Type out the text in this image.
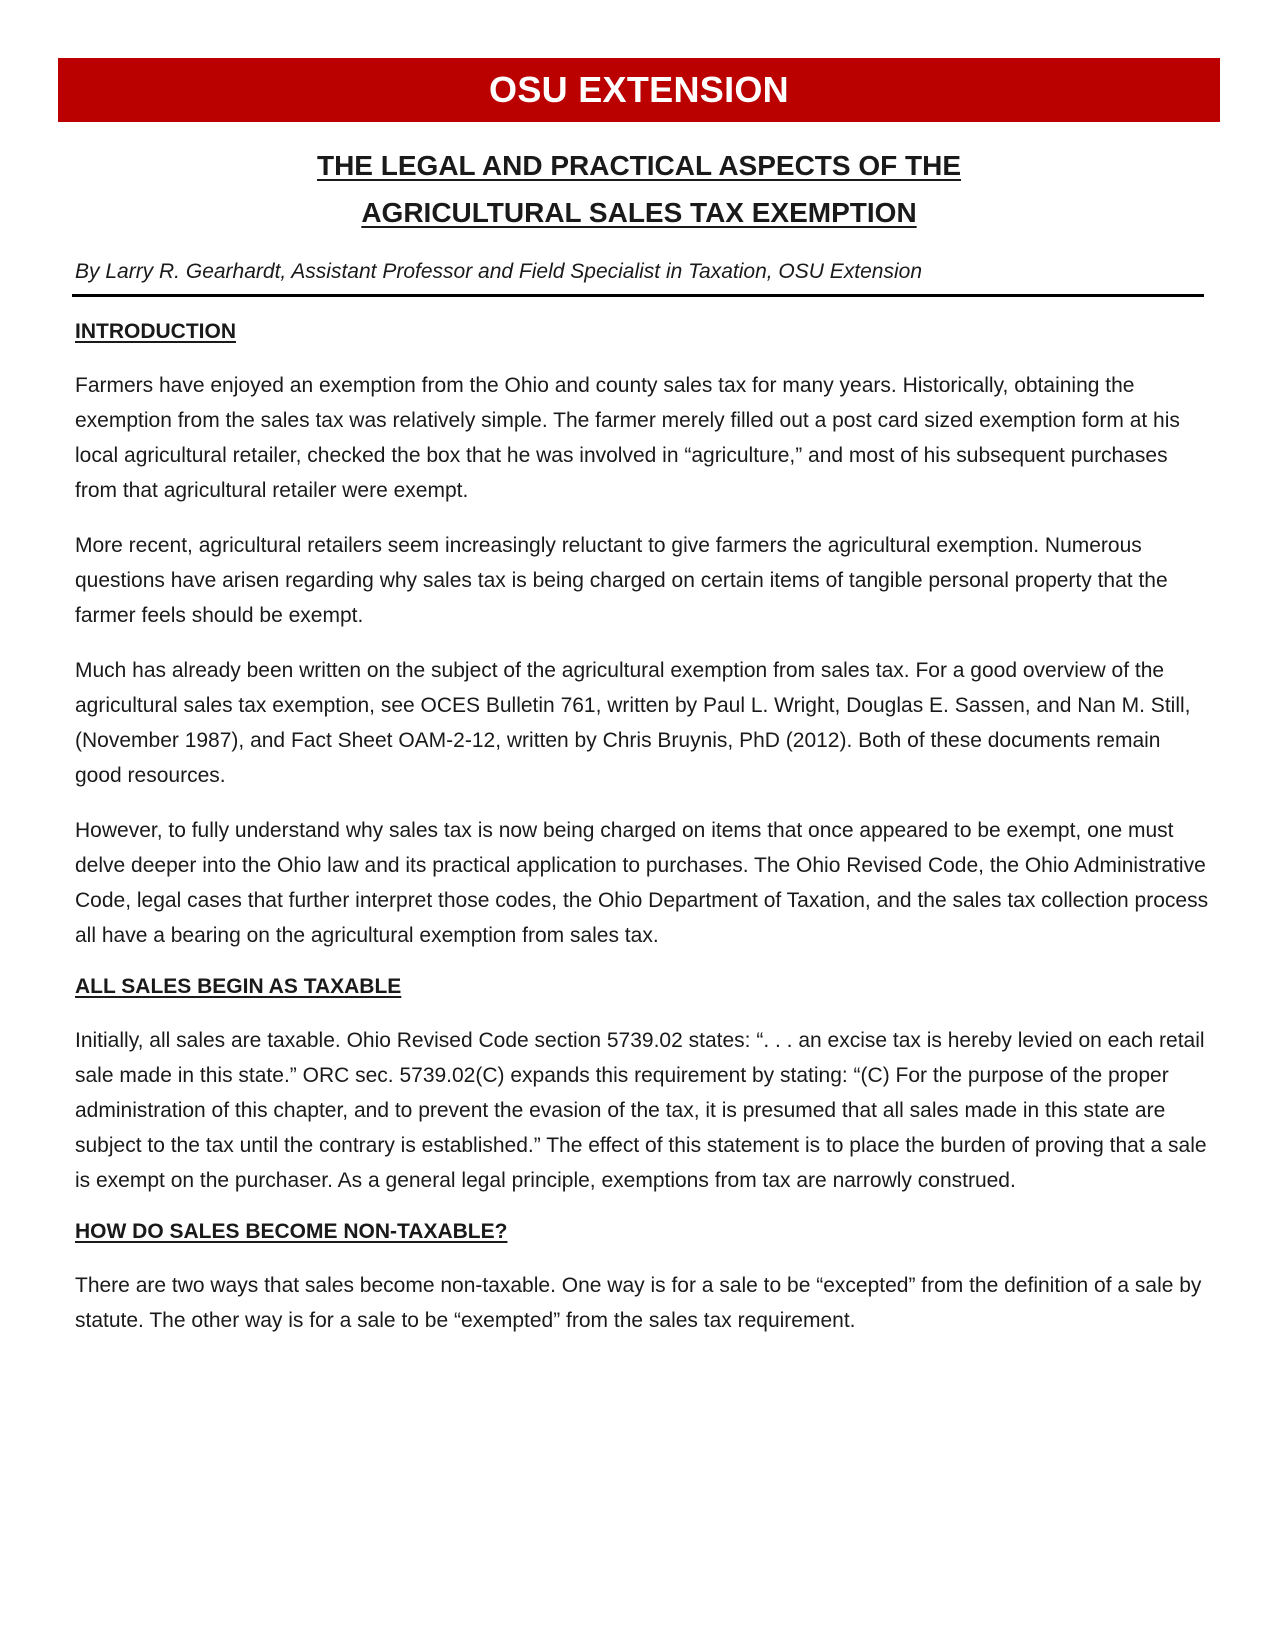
OSU EXTENSION
THE LEGAL AND PRACTICAL ASPECTS OF THE
AGRICULTURAL SALES TAX EXEMPTION
By Larry R. Gearhardt, Assistant Professor and Field Specialist in Taxation, OSU Extension
INTRODUCTION

Farmers have enjoyed an exemption from the Ohio and county sales tax for many years. Historically, obtaining the exemption from the sales tax was relatively simple. The farmer merely filled out a post card sized exemption form at his local agricultural retailer, checked the box that he was involved in “agriculture,” and most of his subsequent purchases from that agricultural retailer were exempt.

More recent, agricultural retailers seem increasingly reluctant to give farmers the agricultural exemption. Numerous questions have arisen regarding why sales tax is being charged on certain items of tangible personal property that the farmer feels should be exempt.

Much has already been written on the subject of the agricultural exemption from sales tax. For a good overview of the agricultural sales tax exemption, see OCES Bulletin 761, written by Paul L. Wright, Douglas E. Sassen, and Nan M. Still, (November 1987), and Fact Sheet OAM-2-12, written by Chris Bruynis, PhD (2012). Both of these documents remain good resources.

However, to fully understand why sales tax is now being charged on items that once appeared to be exempt, one must delve deeper into the Ohio law and its practical application to purchases. The Ohio Revised Code, the Ohio Administrative Code, legal cases that further interpret those codes, the Ohio Department of Taxation, and the sales tax collection process all have a bearing on the agricultural exemption from sales tax.

ALL SALES BEGIN AS TAXABLE

Initially, all sales are taxable. Ohio Revised Code section 5739.02 states: “. . . an excise tax is hereby levied on each retail sale made in this state.” ORC sec. 5739.02(C) expands this requirement by stating: “(C) For the purpose of the proper administration of this chapter, and to prevent the evasion of the tax, it is presumed that all sales made in this state are subject to the tax until the contrary is established.” The effect of this statement is to place the burden of proving that a sale is exempt on the purchaser. As a general legal principle, exemptions from tax are narrowly construed.

HOW DO SALES BECOME NON-TAXABLE?

There are two ways that sales become non-taxable. One way is for a sale to be “excepted” from the definition of a sale by statute. The other way is for a sale to be “exempted” from the sales tax requirement.
